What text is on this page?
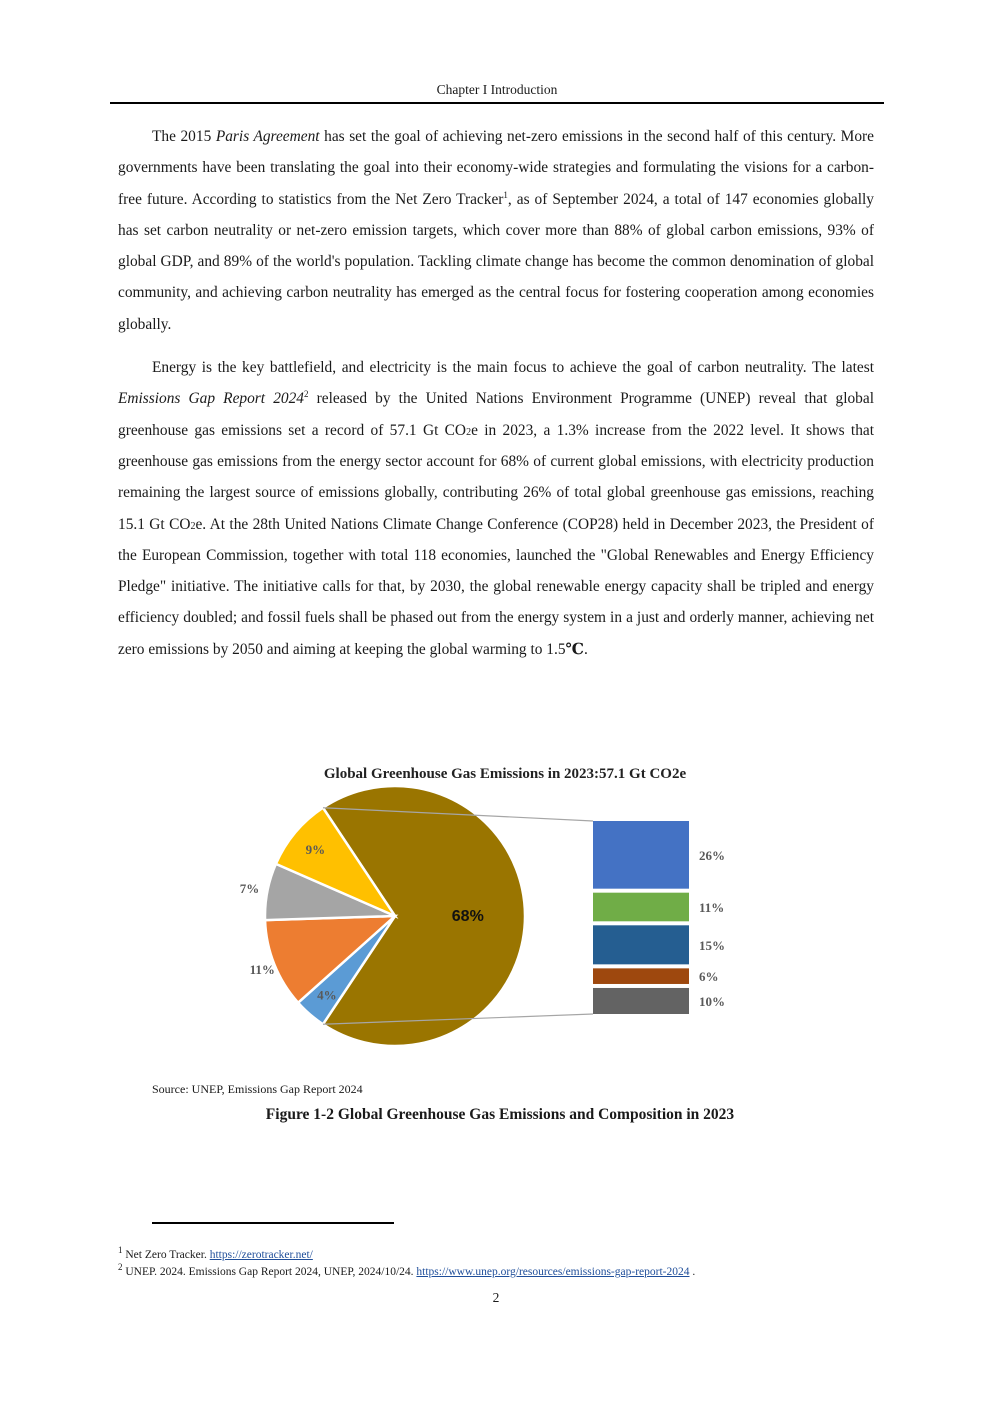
Chapter I Introduction

The 2015 Paris Agreement has set the goal of achieving net-zero emissions in the second half of this century. More governments have been translating the goal into their economy-wide strategies and formulating the visions for a carbon-free future. According to statistics from the Net Zero Tracker$^1$, as of September 2024, a total of 147 economies globally has set carbon neutrality or net-zero emission targets, which cover more than 88% of global carbon emissions, 93% of global GDP, and 89% of the world's population. Tackling climate change has become the common denomination of global community, and achieving carbon neutrality has emerged as the central focus for fostering cooperation among economies globally.

Energy is the key battlefield, and electricity is the main focus to achieve the goal of carbon neutrality. The latest Emissions Gap Report 2024$^2$ released by the United Nations Environment Programme (UNEP) reveal that global greenhouse gas emissions set a record of 57.1 Gt CO2e in 2023, a 1.3% increase from the 2022 level. It shows that greenhouse gas emissions from the energy sector account for 68% of current global emissions, with electricity production remaining the largest source of emissions globally, contributing 26% of total global greenhouse gas emissions, reaching 15.1 Gt CO2e. At the 28th United Nations Climate Change Conference (COP28) held in December 2023, the President of the European Commission, together with total 118 economies, launched the "Global Renewables and Energy Efficiency Pledge" initiative. The initiative calls for that, by 2030, the global renewable energy capacity shall be tripled and energy efficiency doubled; and fossil fuels shall be phased out from the energy system in a just and orderly manner, achieving net zero emissions by 2050 and aiming at keeping the global warming to 1.5℃.

Global Greenhouse Gas Emissions in 2023:57.1 Gt CO2e
68%
4%
11%
7%
9%	26%
11%
15%
6%
10%
Source: UNEP, Emissions Gap Report 2024
Figure 1-2 Global Greenhouse Gas Emissions and Composition in 2023
$^1$ Net Zero Tracker. https://zerotracker.net/
$^2$ UNEP. 2024. Emissions Gap Report 2024, UNEP, 2024/10/24. https://www.unep.org/resources/emissions-gap-report-2024 .
2
